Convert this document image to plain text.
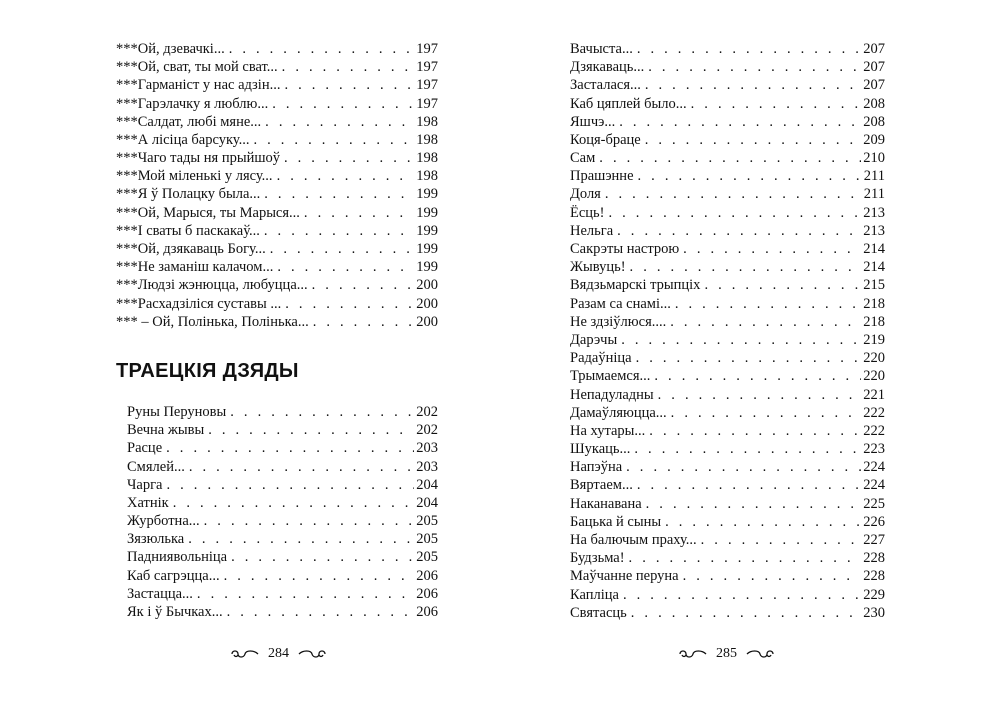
***Ой, дзевачкі... . . .	197
***Ой, сват, ты мой сват... . . .	197
***Гарманіст у нас адзін... . . .	197
***Гарэлачку я люблю... . . .	197
***Салдат, любі мяне... . . .	198
***А лісіца барсуку... . . .	198
***Чаго тады ня прыйшоў . . .	198
***Мой міленькі у лясу... . . .	198
***Я ў Полацку была... . . .	199
***Ой, Марыся, ты Марыся... . . .	199
***І сваты б паскакаў... . . .	199
***Ой, дзякаваць Богу... . . .	199
***Не заманіш калачом... . . .	199
***Людзі жэнюцца, любуцца... . . .	200
***Расхадзіліся суставы ... . . .	200
*** – Ой, Полінька, Полінька... . . .	200
ТРАЕЦКІЯ ДЗЯДЫ
Руны Перуновы . . .	202
Вечна жывы . . .	202
Расце . . .	203
Смялей... . . .	203
Чарга . . .	204
Хатнік . . .	204
Журботна... . . .	205
Зязюлька . . .	205
Падниявольніца . . .	205
Каб сагрэцца... . . .	206
Застацца... . . .	206
Як і ў Бычках... . . .	206
284
Вачыста... . . .	207
Дзякаваць... . . .	207
Засталася... . . .	207
Каб цяплей было... . . .	208
Яшчэ... . . .	208
Коця-браце . . .	209
Сам . . .	210
Прашэнне . . .	211
Доля . . .	211
Ёсць! . . .	213
Нельга . . .	213
Сакрэты настрою . . .	214
Жывуць! . . .	214
Вядзьмарскі трыпціх . . .	215
Разам са снамі... . . .	218
Не здзіўлюся.... . . .	218
Дарэчы . . .	219
Радаўніца . . .	220
Трымаемся... . . .	220
Непадуладны . . .	221
Дамаўляюцца... . . .	222
На хутары... . . .	222
Шукаць... . . .	223
Напэўна . . .	224
Вяртаем... . . .	224
Наканавана . . .	225
Бацька й сыны . . .	226
На балючым праху... . . .	227
Будзьма! . . .	228
Маўчанне перуна . . .	228
Капліца . . .	229
Святасць . . .	230
285
